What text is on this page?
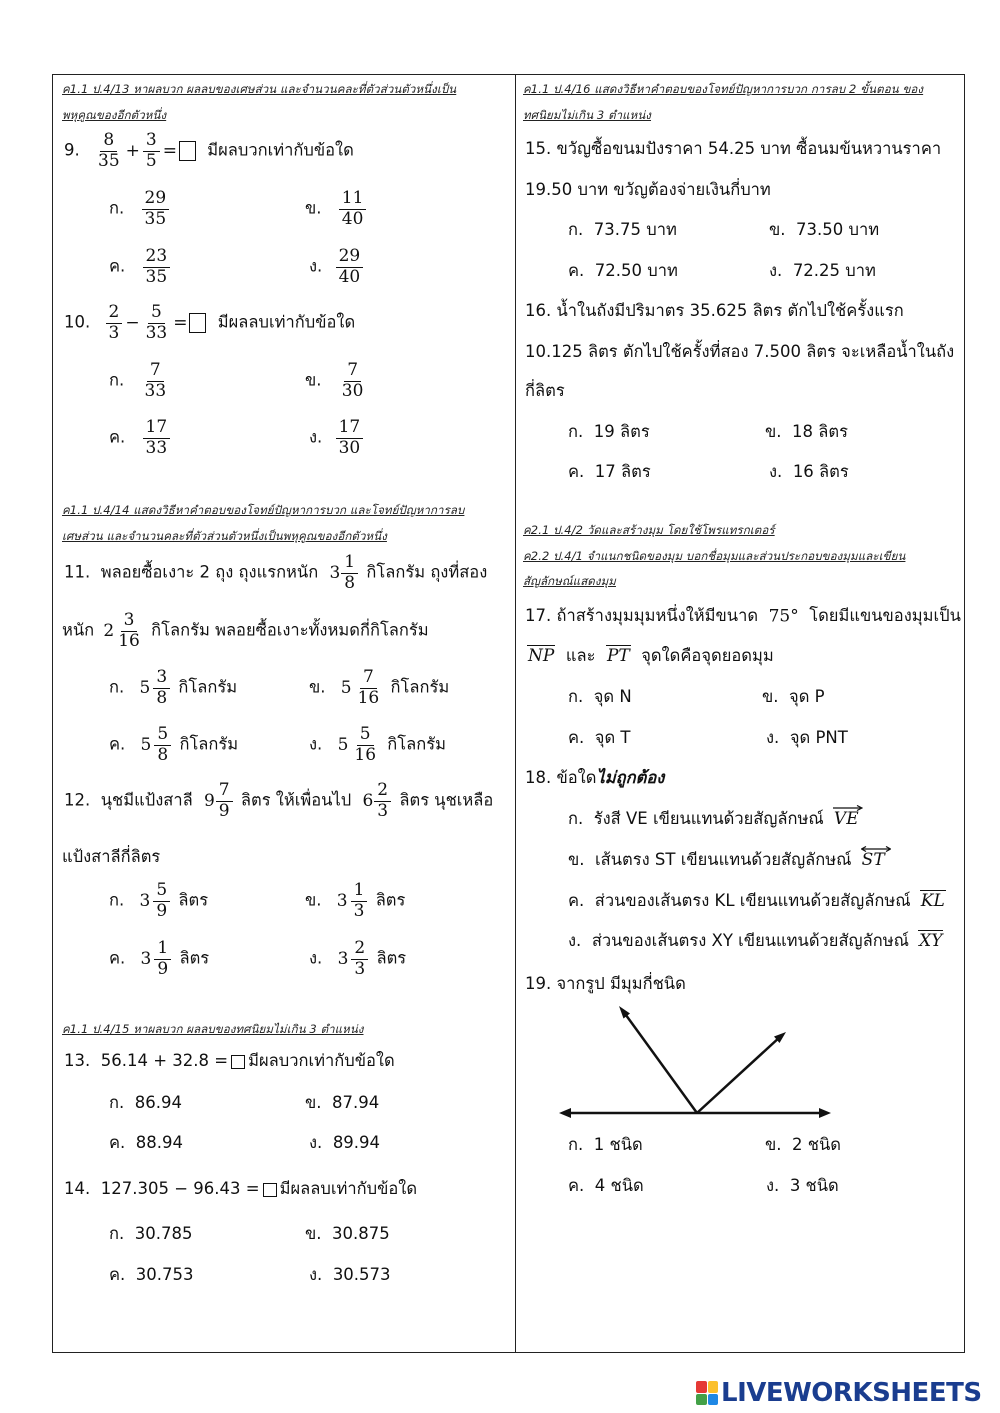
ค1.1 ป.4/13 หาผลบวก ผลลบของเศษส่วน และจำนวนคละที่ตัวส่วนตัวหนึ่งเป็น
พหุคูณของอีกตัวหนึ่ง
9. $\frac{8}{35} + \frac{3}{5}$ = มีผลบวกเท่ากับข้อใด
ก. $\frac{29}{35}$	ข. $\frac{11}{40}$
ค. $\frac{23}{35}$	ง. $\frac{29}{40}$
10. $\frac{2}{3} - \frac{5}{33}$ = มีผลลบเท่ากับข้อใด
ก. $\frac{7}{33}$	ข. $\frac{7}{30}$
ค. $\frac{17}{33}$	ง. $\frac{17}{30}$
ค1.1 ป.4/14 แสดงวิธีหาคำตอบของโจทย์ปัญหาการบวก และโจทย์ปัญหาการลบ
เศษส่วน และจำนวนคละที่ตัวส่วนตัวหนึ่งเป็นพหุคูณของอีกตัวหนึ่ง
11. พลอยซื้อเงาะ 2 ถุง ถุงแรกหนัก $3 \frac{1}{8}$ กิโลกรัม ถุงที่สอง
หนัก $2 \frac{3}{16}$ กิโลกรัม พลอยซื้อเงาะทั้งหมดกี่กิโลกรัม
ก. $5 \frac{3}{8}$ กิโลกรัม	ข. $5 \frac{7}{16}$ กิโลกรัม
ค. $5 \frac{5}{8}$ กิโลกรัม	ง. $5 \frac{5}{16}$ กิโลกรัม
12. นุชมีแป้งสาลี $9 \frac{7}{9}$ ลิตร ให้เพื่อนไป $6 \frac{2}{3}$ ลิตร นุชเหลือ
แป้งสาลีกี่ลิตร
ก. $3 \frac{5}{9}$ ลิตร	ข. $3 \frac{1}{3}$ ลิตร
ค. $3 \frac{1}{9}$ ลิตร	ง. $3 \frac{2}{3}$ ลิตร
ค1.1 ป.4/15 หาผลบวก ผลลบของทศนิยมไม่เกิน 3 ตำแหน่ง
13. 56.14 + 32.8 = มีผลบวกเท่ากับข้อใด
ก. 86.94	ข. 87.94
ค. 88.94	ง. 89.94
14. 127.305 − 96.43 = มีผลลบเท่ากับข้อใด
ก. 30.785	ข. 30.875
ค. 30.753	ง. 30.573
ค1.1 ป.4/16 แสดงวิธีหาคำตอบของโจทย์ปัญหาการบวก การลบ 2 ขั้นตอน ของ
ทศนิยมไม่เกิน 3 ตำแหน่ง
15. ขวัญซื้อขนมปังราคา 54.25 บาท ซื้อนมข้นหวานราคา
19.50 บาท ขวัญต้องจ่ายเงินกี่บาท
ก. 73.75 บาท	ข. 73.50 บาท
ค. 72.50 บาท	ง. 72.25 บาท
16. น้ำในถังมีปริมาตร 35.625 ลิตร ตักไปใช้ครั้งแรก
10.125 ลิตร ตักไปใช้ครั้งที่สอง 7.500 ลิตร จะเหลือน้ำในถัง
กี่ลิตร
ก. 19 ลิตร	ข. 18 ลิตร
ค. 17 ลิตร	ง. 16 ลิตร
ค2.1 ป.4/2 วัดและสร้างมุม โดยใช้โพรแทรกเตอร์
ค2.2 ป.4/1 จำแนกชนิดของมุม บอกชื่อมุมและส่วนประกอบของมุมและเขียน
สัญลักษณ์แสดงมุม
17. ถ้าสร้างมุมมุมหนึ่งให้มีขนาด 75° โดยมีแขนของมุมเป็น
NP และ PT จุดใดคือจุดยอดมุม
ก. จุด N	ข. จุด P
ค. จุด T	ง. จุด PNT
18. ข้อใดไม่ถูกต้อง
ก. รังสี VE เขียนแทนด้วยสัญลักษณ์ VE
ข. เส้นตรง ST เขียนแทนด้วยสัญลักษณ์ ST
ค. ส่วนของเส้นตรง KL เขียนแทนด้วยสัญลักษณ์ KL
ง. ส่วนของเส้นตรง XY เขียนแทนด้วยสัญลักษณ์ XY
19. จากรูป มีมุมกี่ชนิด
ก. 1 ชนิด	ข. 2 ชนิด
ค. 4 ชนิด	ง. 3 ชนิด
LIVEWORKSHEETS
